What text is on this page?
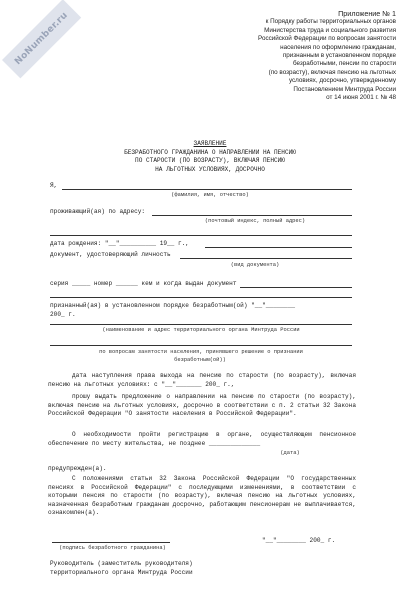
NoNumber.ru	Приложение № 1
к Порядку работы территориальных органов
Министерства труда и социального развития
Российской Федерации по вопросам занятости
населения по оформлению гражданам,
признанным в установленном порядке
безработными, пенсии по старости
(по возрасту), включая пенсию на льготных
условиях, досрочно, утвержденному
Постановлением Минтруда России
от 14 июня 2001 г. № 48
ЗАЯВЛЕНИЕ
БЕЗРАБОТНОГО ГРАЖДАНИНА О НАПРАВЛЕНИИ НА ПЕНСИЮ
ПО СТАРОСТИ (ПО ВОЗРАСТУ), ВКЛЮЧАЯ ПЕНСИЮ
НА ЛЬГОТНЫХ УСЛОВИЯХ, ДОСРОЧНО
Я,
(фамилия, имя, отчество)
проживающий(ая) по адресу:
(почтовый индекс, полный адрес)
дата рождения: "__"__________ 19__ г.,
документ, удостоверяющий личность
(вид документа)
серия _____ номер ______ кем и когда выдан документ
признанный(ая) в установленном порядке безработным(ой) "__"________
200_ г.
(наименование и адрес территориального органа Минтруда России
по вопросам занятости населения, принявшего решение о признании
безработным(ой))
дата наступления права выхода на пенсию по старости (по возрасту), включая пенсию на льготных условиях: с "__"_______ 200_ г.,
прошу выдать предложение о направлении на пенсию по старости (по возрасту), включая пенсию на льготных условиях, досрочно в соответствии с п. 2 статьи 32 Закона Российской Федерации "О занятости населения в Российской Федерации".
О необходимости пройти регистрацию в органе, осуществляющем пенсионное обеспечение по месту жительства, не позднее ______________
(дата)
предупрежден(а).
С положениями статьи 32 Закона Российской Федерации "О государственных пенсиях в Российской Федерации" с последующими изменениями, в соответствии с которыми пенсия по старости (по возрасту), включая пенсию на льготных условиях, назначенная безработным гражданам досрочно, работающим пенсионерам не выплачивается, ознакомлен(а).
"__"________ 200_ г.
(подпись безработного гражданина)
Руководитель (заместитель руководителя)
территориального органа Минтруда России
